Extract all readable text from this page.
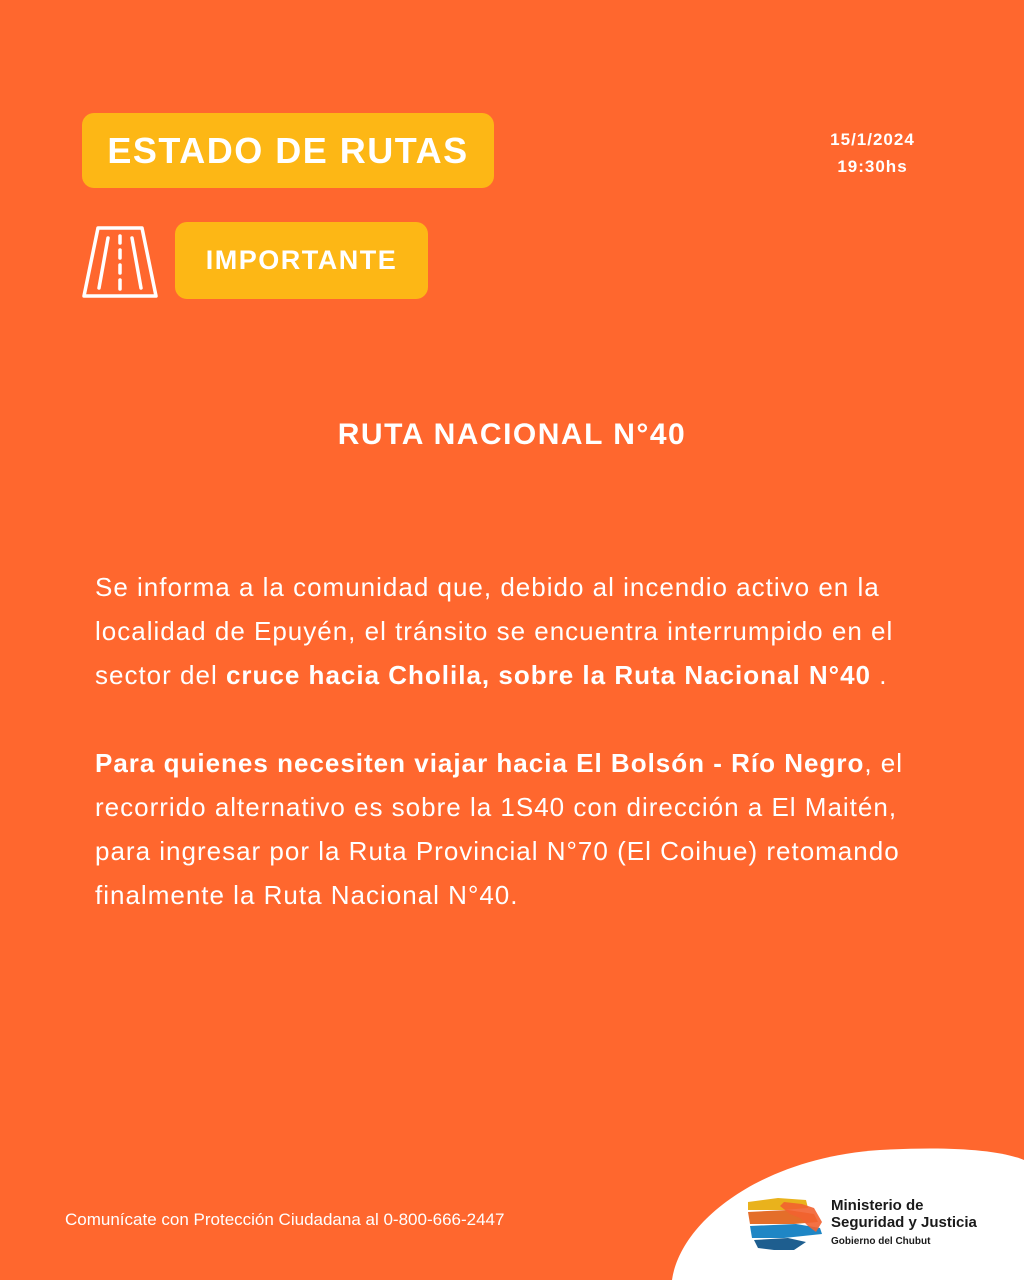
ESTADO DE RUTAS	15/1/2024
19:30hs
IMPORTANTE
RUTA NACIONAL N°40

Se informa a la comunidad que, debido al incendio activo en la localidad de Epuyén, el tránsito se encuentra interrumpido en el sector del cruce hacia Cholila, sobre la Ruta Nacional N°40 .

Para quienes necesiten viajar hacia El Bolsón - Río Negro, el recorrido alternativo es sobre la 1S40 con dirección a El Maitén, para ingresar por la Ruta Provincial N°70 (El Coihue) retomando finalmente la Ruta Nacional N°40.

Comunícate con Protección Ciudadana al 0-800-666-2447
Ministerio de
Seguridad y Justicia
Gobierno del Chubut
